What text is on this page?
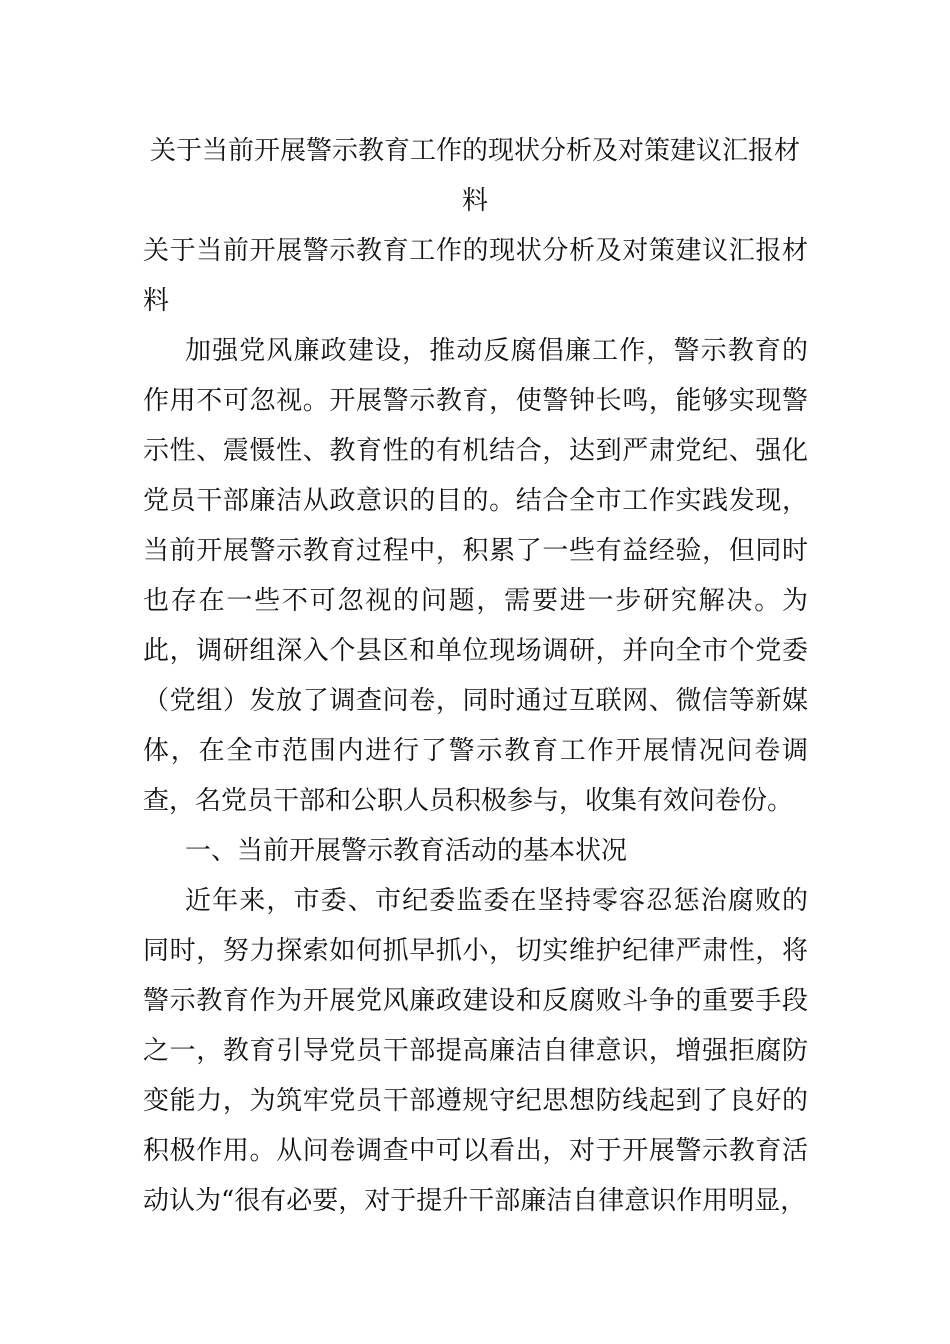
关于当前开展警示教育工作的现状分析及对策建议汇报材料

关于当前开展警示教育工作的现状分析及对策建议汇报材料

加强党风廉政建设，推动反腐倡廉工作，警示教育的作用不可忽视。开展警示教育，使警钟长鸣，能够实现警示性、震慑性、教育性的有机结合，达到严肃党纪、强化党员干部廉洁从政意识的目的。结合全市工作实践发现，当前开展警示教育过程中，积累了一些有益经验，但同时也存在一些不可忽视的问题，需要进一步研究解决。为此，调研组深入个县区和单位现场调研，并向全市个党委（党组）发放了调查问卷，同时通过互联网、微信等新媒体，在全市范围内进行了警示教育工作开展情况问卷调查，名党员干部和公职人员积极参与，收集有效问卷份。

一、当前开展警示教育活动的基本状况

近年来，市委、市纪委监委在坚持零容忍惩治腐败的同时，努力探索如何抓早抓小，切实维护纪律严肃性，将警示教育作为开展党风廉政建设和反腐败斗争的重要手段之一，教育引导党员干部提高廉洁自律意识，增强拒腐防变能力，为筑牢党员干部遵规守纪思想防线起到了良好的积极作用。从问卷调查中可以看出，对于开展警示教育活动认为“很有必要，对于提升干部廉洁自律意识作用明显，
